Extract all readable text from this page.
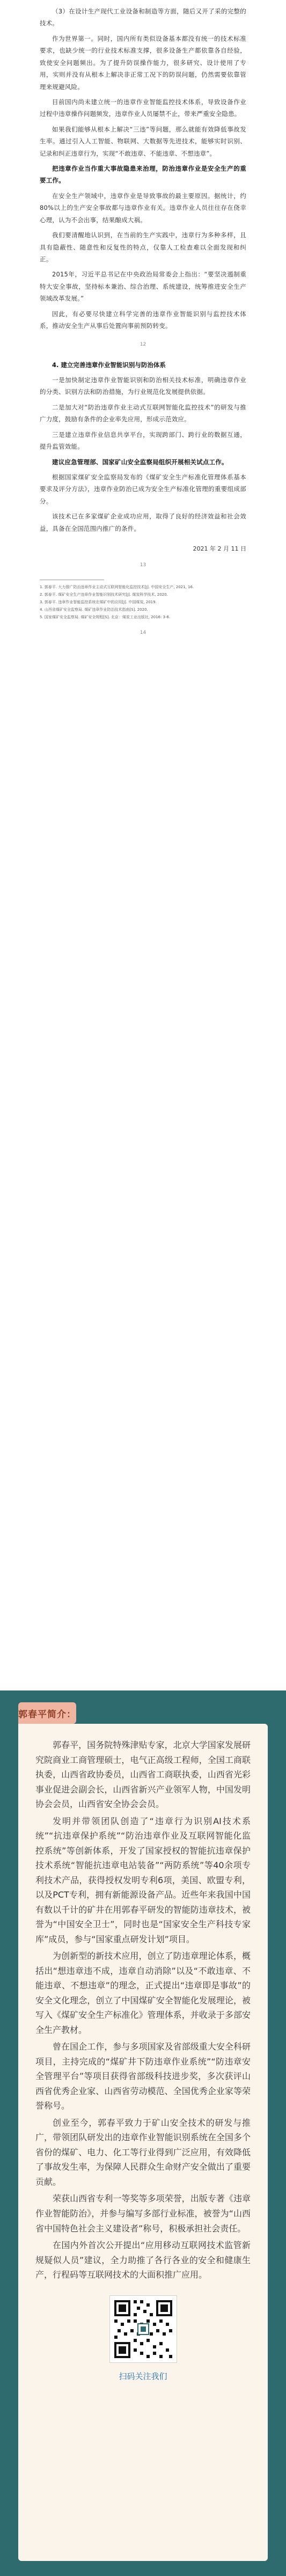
（3）在设计生产现代工业设备和制造等方面，随后又开了采的完整的技术。

作为世界第一。同时，国内所有类似设备基本都没有统一的技术标准要求，也缺少统一的行业技术标准支撑，很多设备生产都依靠各自经验，致使安全问题频出。为了提升防误操作能力，很多研究、设计使用了专用，实则并没有从根本上解决非正常工况下的防误问题，仍然需要依靠管理来规避风险。

目前国内尚未建立统一的违章作业智能监控技术体系，导致设备作业过程中违章操作问题频发，违章作业人员屡禁不止，带来严重安全隐患。

如果我们能够从根本上解决“三违”等问题，那么就能有效降低事故发生率。通过引入人工智能、物联网、大数据等先进技术，能够实时识别、记录和纠正违章行为，实现“不敢违章、不能违章、不想违章”。

把违章作业当作重大事故隐患来治理，防治违章作业是安全生产的重要工作。

在安全生产领域中，违章作业是导致事故的最主要原因。据统计，约80%以上的生产安全事故都与违章作业有关。违章作业人员往往存在侥幸心理，认为不会出事，结果酿成大祸。

我们要清醒地认识到，在当前的生产实践中，违章行为多种多样，且具有隐蔽性、随意性和反复性的特点，仅靠人工检查难以全面发现和纠正。

2015年，习近平总书记在中央政治局常委会上指出：“要坚决遏制重特大安全事故，坚持标本兼治、综合治理、系统建设，统筹推进安全生产领域改革发展。”

因此，有必要尽快建立科学完善的违章作业智能识别与监控技术体系，推动安全生产从事后处置向事前预防转变。

12
4. 建立完善违章作业智能识别与防治体系

一是加快制定违章作业智能识别和防治相关技术标准，明确违章作业的分类、识别方法和防治措施，为行业规范化发展提供依据。

二是加大对“防治违章作业主动式互联网智能化监控技术”的研发与推广力度，鼓励有条件的企业率先应用，形成示范效应。

三是建立违章作业信息共享平台，实现跨部门、跨行业的数据互通，提升监管效能。

建议应急管理部、国家矿山安全监察局组织开展相关试点工作。

根据国家煤矿安全监察局发布的《煤矿安全生产标准化管理体系基本要求及评分方法》，违章作业防治已成为安全生产标准化管理的重要组成部分。

该技术已在多家煤矿企业成功应用，取得了良好的经济效益和社会效益，具备在全国范围内推广的条件。

2021 年 2 月 11 日
13

1. 郭春平. 大力推广防治违章作业主动式互联网智能化监控技术[J]. 中国安全生产, 2021, 16.

2. 郭春平. 煤矿安全生产违章作业智能识别技术研究[J]. 煤炭科学技术, 2020.

3. 郭春平. 违章作业智能监控系统在煤矿中的应用[J]. 中国煤炭, 2019.

4. 山西省煤矿安全监察局. 煤矿违章作业防治技术指南[S]. 2020.

5. 国家煤矿安全监察局. 煤矿安全规程[S]. 北京：煤炭工业出版社, 2016: 3-6.

14
郭春平简介：

郭春平，国务院特殊津贴专家，北京大学国家发展研究院商业工商管理硕士，电气正高级工程师，全国工商联执委，山西省政协委员，山西省工商联执委，山西省光彩事业促进会副会长，山西省新兴产业领军人物，中国发明协会会员，山西省安全协会会员。

发明并带领团队创造了“违章行为识别AI技术系统”“抗违章保护系统”“防治违章作业及互联网智能化监控系统”等创新体系，开发了国家授权的智能抗违章保护技术系统“智能抗违章电站装备”“两防系统”等40余项专利技术产品，获得授权发明专利6项，美国、欧盟专利，以及PCT专利，拥有新能源设备产品。近些年来我国中国有数以千计的矿井在用郭春平研发的智能防违章技术，被誉为“中国安全卫士”，同时也是“国家安全生产科技专家库”成员，参与“国家重点研发计划”项目。

为创新型的新技术应用，创立了防违章理论体系，概括出“想违章违不成，违章自动消除”以及“不敢违章、不能违章、不想违章”的理念，正式提出“违章即是事故”的安全文化理念，创立了中国煤矿安全智能化发展理论，被写入《煤矿安全生产标准化》管理体系，并收录于多部安全生产教材。

曾在国企工作，参与多项国家及省部级重大安全科研项目，主持完成的“煤矿井下防违章作业系统”“防违章安全管理平台”等项目获得省部级科技进步奖，多次获评山西省优秀企业家、山西省劳动模范、全国优秀企业家等荣誉称号。

创业至今，郭春平致力于矿山安全技术的研发与推广，带领团队研发出的违章作业智能识别系统在全国多个省份的煤矿、电力、化工等行业得到广泛应用，有效降低了事故发生率，为保障人民群众生命财产安全做出了重要贡献。

荣获山西省专利一等奖等多项荣誉，出版专著《违章作业智能防治》，并参与编写多部行业标准，被誉为“山西省中国特色社会主义建设者”称号，积极承担社会责任。

在国内外首次公开提出“应用移动互联网技术监管新规疑似人员”建议，全力助推了各行各业的安全和健康生产，行程码等互联网技术的大面积推广应用。

扫码关注我们
